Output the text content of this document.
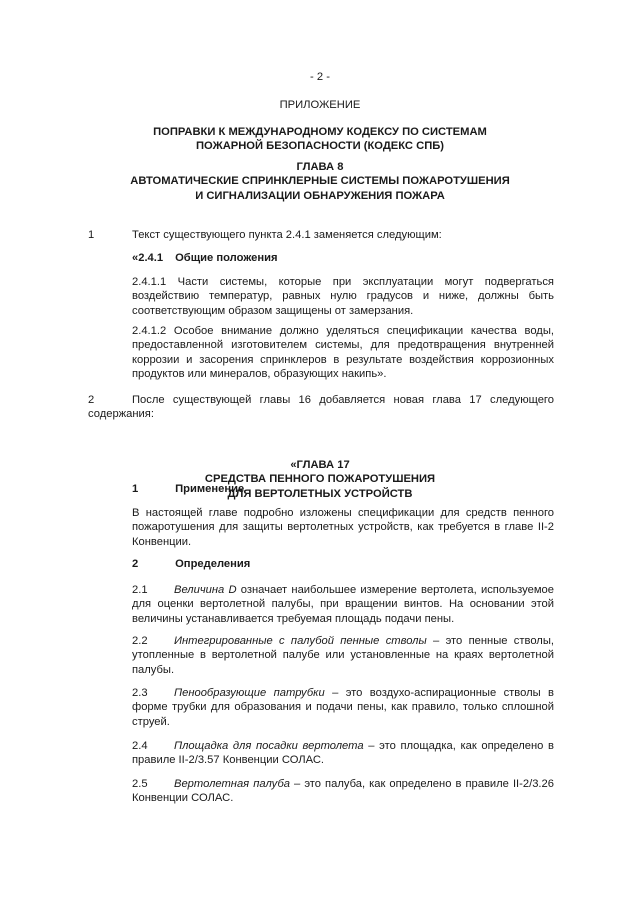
- 2 -
ПРИЛОЖЕНИЕ
ПОПРАВКИ К МЕЖДУНАРОДНОМУ КОДЕКСУ ПО СИСТЕМАМ
ПОЖАРНОЙ БЕЗОПАСНОСТИ (КОДЕКС СПБ)
ГЛАВА 8
АВТОМАТИЧЕСКИЕ СПРИНКЛЕРНЫЕ СИСТЕМЫ ПОЖАРОТУШЕНИЯ
И СИГНАЛИЗАЦИИ ОБНАРУЖЕНИЯ ПОЖАРА
1	Текст существующего пункта 2.4.1 заменяется следующим:
«2.4.1 Общие положения
2.4.1.1 Части системы, которые при эксплуатации могут подвергаться воздействию температур, равных нулю градусов и ниже, должны быть соответствующим образом защищены от замерзания.
2.4.1.2 Особое внимание должно уделяться спецификации качества воды, предоставленной изготовителем системы, для предотвращения внутренней коррозии и засорения спринклеров в результате воздействия коррозионных продуктов или минералов, образующих накипь».
2	После существующей главы 16 добавляется новая глава 17 следующего содержания:
«ГЛАВА 17
СРЕДСТВА ПЕННОГО ПОЖАРОТУШЕНИЯ
ДЛЯ ВЕРТОЛЕТНЫХ УСТРОЙСТВ
1	Применение
В настоящей главе подробно изложены спецификации для средств пенного пожаротушения для защиты вертолетных устройств, как требуется в главе II-2 Конвенции.
2	Определения
2.1 Величина D означает наибольшее измерение вертолета, используемое для оценки вертолетной палубы, при вращении винтов. На основании этой величины устанавливается требуемая площадь подачи пены.
2.2 Интегрированные с палубой пенные стволы – это пенные стволы, утопленные в вертолетной палубе или установленные на краях вертолетной палубы.
2.3 Пенообразующие патрубки – это воздухо-аспирационные стволы в форме трубки для образования и подачи пены, как правило, только сплошной струей.
2.4 Площадка для посадки вертолета – это площадка, как определено в правиле II-2/3.57 Конвенции СОЛАС.
2.5 Вертолетная палуба – это палуба, как определено в правиле II-2/3.26 Конвенции СОЛАС.
